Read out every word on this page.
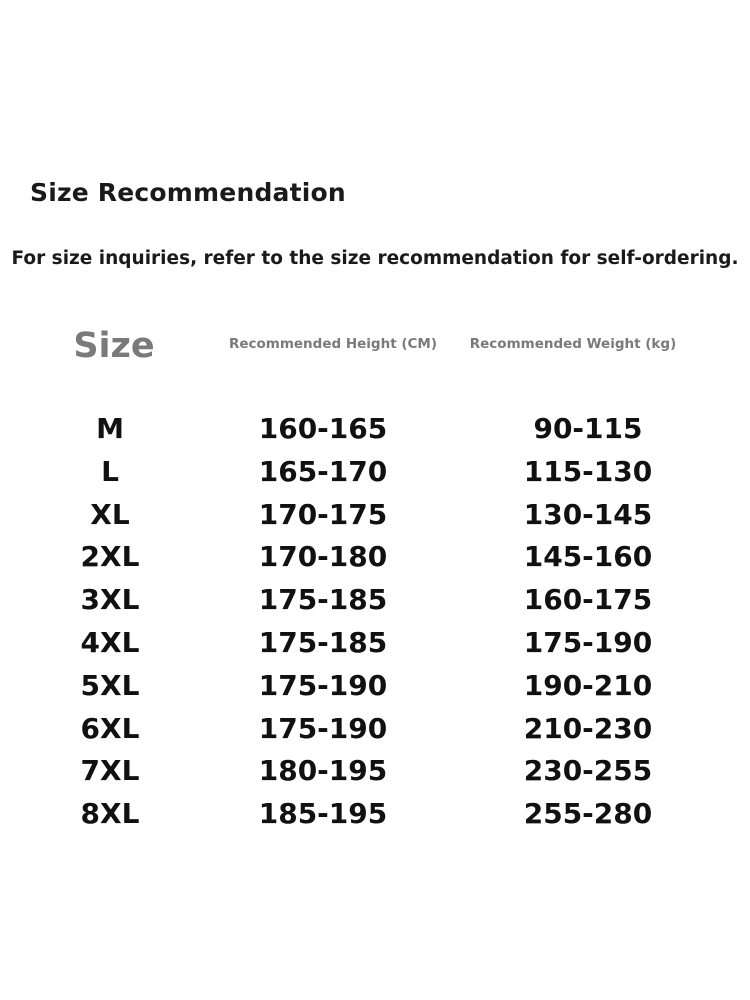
Size Recommendation
For size inquiries, refer to the size recommendation for self-ordering.
Size	Recommended Height (CM)	Recommended Weight (kg)
M	160-165	90-115
L	165-170	115-130
XL	170-175	130-145
2XL	170-180	145-160
3XL	175-185	160-175
4XL	175-185	175-190
5XL	175-190	190-210
6XL	175-190	210-230
7XL	180-195	230-255
8XL	185-195	255-280
